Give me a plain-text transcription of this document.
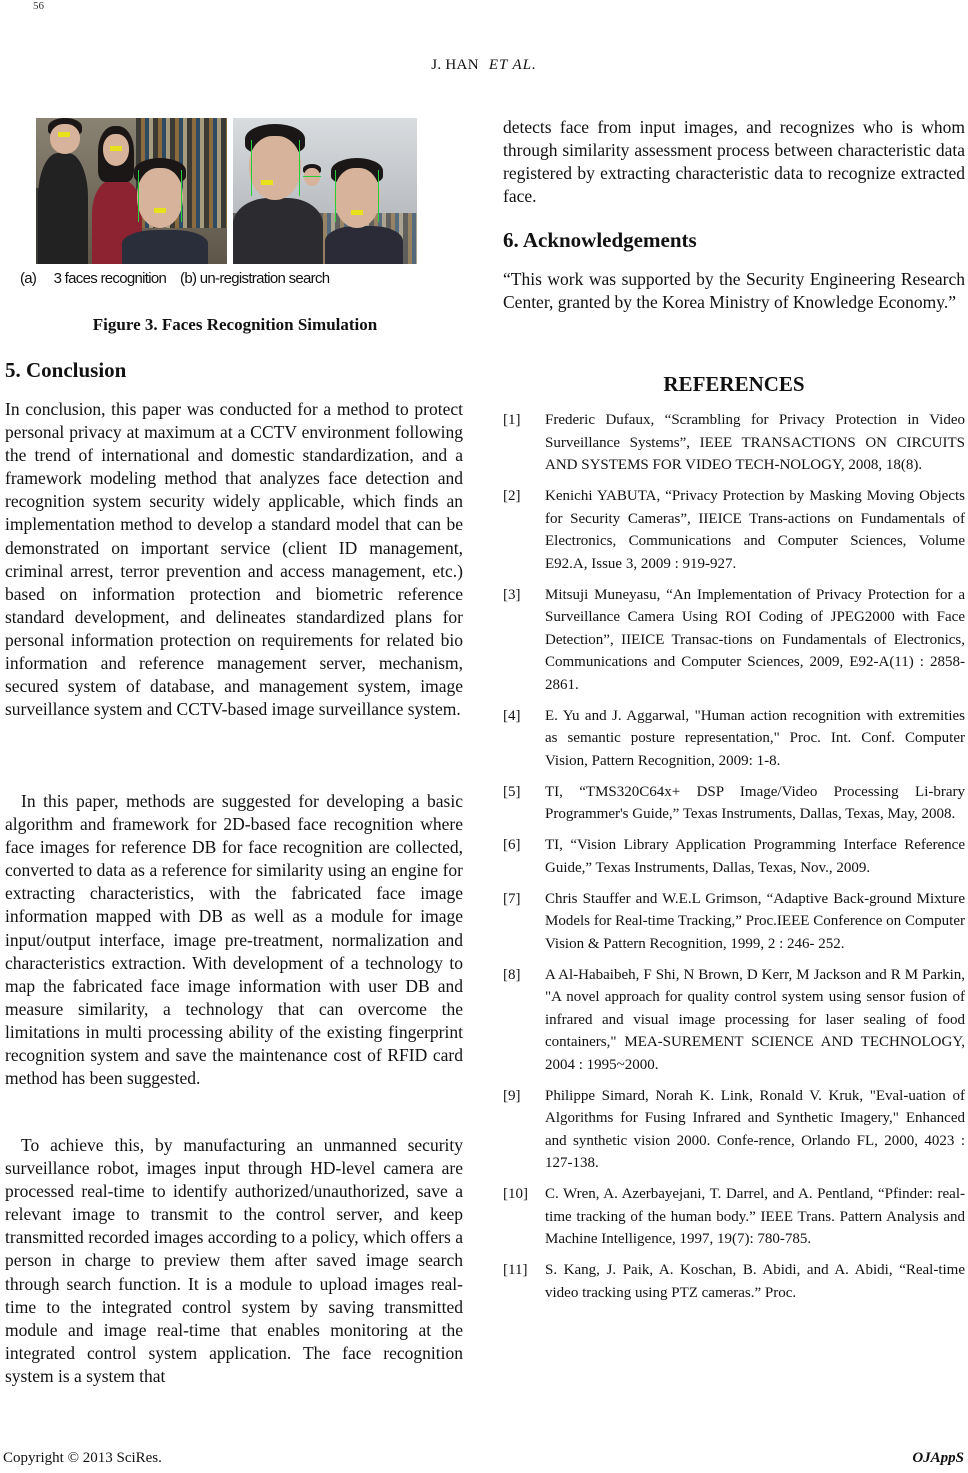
56
J. HAN ET AL.
(a)     3 faces recognition    (b) un-registration search
Figure 3. Faces Recognition Simulation
5. Conclusion

In conclusion, this paper was conducted for a method to protect personal privacy at maximum at a CCTV environment following the trend of international and domestic standardization, and a framework modeling method that analyzes face detection and recognition system security widely applicable, which finds an implementation method to develop a standard model that can be demonstrated on important service (client ID management, criminal arrest, terror prevention and access management, etc.) based on information protection and biometric reference standard development, and delineates standardized plans for personal information protection on requirements for related bio information and reference management server, mechanism, secured system of database, and management system, image surveillance system and CCTV-based image surveillance system.

In this paper, methods are suggested for developing a basic algorithm and framework for 2D-based face recognition where face images for reference DB for face recognition are collected, converted to data as a reference for similarity using an engine for extracting characteristics, with the fabricated face image information mapped with DB as well as a module for image input/output interface, image pre-treatment, normalization and characteristics extraction. With development of a technology to map the fabricated face image information with user DB and measure similarity, a technology that can overcome the limitations in multi processing ability of the existing fingerprint recognition system and save the maintenance cost of RFID card method has been suggested.

To achieve this, by manufacturing an unmanned security surveillance robot, images input through HD-level camera are processed real-time to identify authorized/unauthorized, save a relevant image to transmit to the control server, and keep transmitted recorded images according to a policy, which offers a person in charge to preview them after saved image search through search function. It is a module to upload images real-time to the integrated control system by saving transmitted module and image real-time that enables monitoring at the integrated control system application. The face recognition system is a system that

detects face from input images, and recognizes who is whom through similarity assessment process between characteristic data registered by extracting characteristic data to recognize extracted face.

6. Acknowledgements

“This work was supported by the Security Engineering Research Center, granted by the Korea Ministry of Knowledge Economy.”

REFERENCES
[1] Frederic Dufaux, “Scrambling for Privacy Protection in Video Surveillance Systems”, IEEE TRANSACTIONS ON CIRCUITS AND SYSTEMS FOR VIDEO TECH-NOLOGY, 2008, 18(8).
[2] Kenichi YABUTA, “Privacy Protection by Masking Moving Objects for Security Cameras”, IIEICE Trans-actions on Fundamentals of Electronics, Communications and Computer Sciences, Volume E92.A, Issue 3, 2009 : 919-927.
[3] Mitsuji Muneyasu, “An Implementation of Privacy Protection for a Surveillance Camera Using ROI Coding of JPEG2000 with Face Detection”, IIEICE Transac-tions on Fundamentals of Electronics, Communications and Computer Sciences, 2009, E92-A(11) : 2858-2861.
[4] E. Yu and J. Aggarwal, "Human action recognition with extremities as semantic posture representation," Proc. Int. Conf. Computer Vision, Pattern Recognition, 2009: 1-8.
[5] TI, “TMS320C64x+ DSP Image/Video Processing Li-brary Programmer's Guide,” Texas Instruments, Dallas, Texas, May, 2008.
[6] TI, “Vision Library Application Programming Interface Reference Guide,” Texas Instruments, Dallas, Texas, Nov., 2009.
[7] Chris Stauffer and W.E.L Grimson, “Adaptive Back-ground Mixture Models for Real-time Tracking,” Proc.IEEE Conference on Computer Vision & Pattern Recognition, 1999, 2 : 246- 252.
[8] A Al-Habaibeh, F Shi, N Brown, D Kerr, M Jackson and R M Parkin, "A novel approach for quality control system using sensor fusion of infrared and visual image processing for laser sealing of food containers," MEA-SUREMENT SCIENCE AND TECHNOLOGY, 2004 : 1995~2000.
[9] Philippe Simard, Norah K. Link, Ronald V. Kruk, "Eval-uation of Algorithms for Fusing Infrared and Synthetic Imagery," Enhanced and synthetic vision 2000. Confe-rence, Orlando FL, 2000, 4023 : 127-138.
[10] C. Wren, A. Azerbayejani, T. Darrel, and A. Pentland, “Pfinder: real-time tracking of the human body.” IEEE Trans. Pattern Analysis and Machine Intelligence, 1997, 19(7): 780-785.
[11] S. Kang, J. Paik, A. Koschan, B. Abidi, and A. Abidi, “Real-time video tracking using PTZ cameras.” Proc.
Copyright © 2013 SciRes.	OJAppS
